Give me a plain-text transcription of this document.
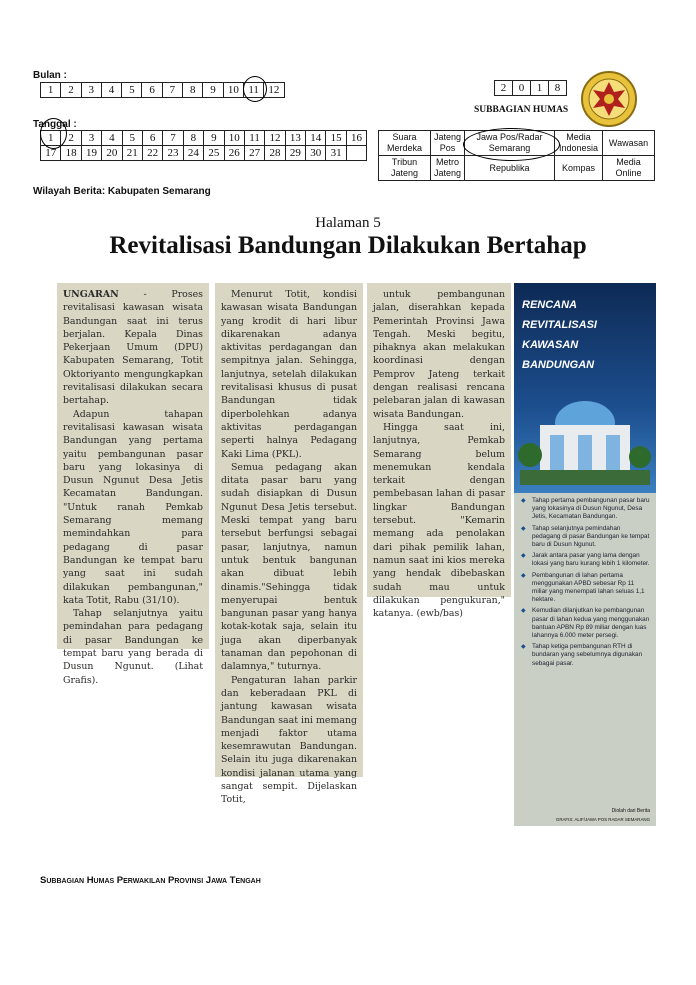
Bulan :
1	2	3	4	5	6	7	8	9	10	11	12
Tanggal :
1	2	3	4	5	6	7	8	9	10	11	12	13	14	15	16
17	18	19	20	21	22	23	24	25	26	27	28	29	30	31	
2	0	1	8
SUBBAGIAN HUMAS
Suara Merdeka	Jateng Pos	Jawa Pos/Radar Semarang	Media Indonesia	Wawasan
Tribun Jateng	Metro Jateng	Republika	Kompas	Media Online
Wilayah Berita: Kabupaten Semarang
Halaman 5
Revitalisasi Bandungan Dilakukan Bertahap

UNGARAN - Proses revitalisasi kawasan wisata Bandungan saat ini terus berjalan. Kepala Dinas Pekerjaan Umum (DPU) Kabupaten Semarang, Totit Oktoriyanto mengungkapkan revitalisasi dilakukan secara bertahap.

Adapun tahapan revitalisasi kawasan wisata Bandungan yang pertama yaitu pembangunan pasar baru yang lokasinya di Dusun Ngunut Desa Jetis Kecamatan Bandungan. "Untuk ranah Pemkab Semarang memang memindahkan para pedagang di pasar Bandungan ke tempat baru yang saat ini sudah dilakukan pembangunan," kata Totit, Rabu (31/10).

Tahap selanjutnya yaitu pemindahan para pedagang di pasar Bandungan ke tempat baru yang berada di Dusun Ngunut. (Lihat Grafis).

Menurut Totit, kondisi kawasan wisata Bandungan yang krodit di hari libur dikarenakan adanya aktivitas perdagangan dan sempitnya jalan. Sehingga, lanjutnya, setelah dilakukan revitalisasi khusus di pusat Bandungan tidak diperbolehkan adanya aktivitas perdagangan seperti halnya Pedagang Kaki Lima (PKL).

Semua pedagang akan ditata pasar baru yang sudah disiapkan di Dusun Ngunut Desa Jetis tersebut. Meski tempat yang baru tersebut berfungsi sebagai pasar, lanjutnya, namun untuk bentuk bangunan akan dibuat lebih dinamis."Sehingga tidak menyerupai bentuk bangunan pasar yang hanya kotak-kotak saja, selain itu juga akan diperbanyak tanaman dan pepohonan di dalamnya," tuturnya.

Pengaturan lahan parkir dan keberadaan PKL di jantung kawasan wisata Bandungan saat ini memang menjadi faktor utama kesemrawutan Bandungan. Selain itu juga dikarenakan kondisi jalanan utama yang sangat sempit. Dijelaskan Totit,

untuk pembangunan jalan, diserahkan kepada Pemerintah Provinsi Jawa Tengah. Meski begitu, pihaknya akan melakukan koordinasi dengan Pemprov Jateng terkait dengan realisasi rencana pelebaran jalan di kawasan wisata Bandungan.

Hingga saat ini, lanjutnya, Pemkab Semarang belum menemukan kendala terkait dengan pembebasan lahan di pasar lingkar Bandungan tersebut. "Kemarin memang ada penolakan dari pihak pemilik lahan, namun saat ini kios mereka yang hendak dibebaskan sudah mau untuk dilakukan pengukuran," katanya. (ewb/bas)

RENCANA REVITALISASI KAWASAN BANDUNGAN
◆ Tahap pertama pembangunan pasar baru yang lokasinya di Dusun Ngunut, Desa Jetis, Kecamatan Bandungan.
◆ Tahap selanjutnya pemindahan pedagang di pasar Bandungan ke tempat baru di Dusun Ngunut.
◆ Jarak antara pasar yang lama dengan lokasi yang baru kurang lebih 1 kilometer.
◆ Pembangunan di lahan pertama menggunakan APBD sebesar Rp 11 miliar yang menempati lahan seluas 1,1 hektare.
◆ Kemudian dilanjutkan ke pembangunan pasar di lahan kedua yang menggunakan bantuan APBN Rp 89 miliar dengan luas lahannya 6.000 meter persegi.
◆ Tahap ketiga pembangunan RTH di bundaran yang sebelumnya digunakan sebagai pasar.
Diolah dari Berita
GRAFIS: ALIF/JAWA POS RADAR SEMARANG
Subbagian Humas Perwakilan Provinsi Jawa Tengah
